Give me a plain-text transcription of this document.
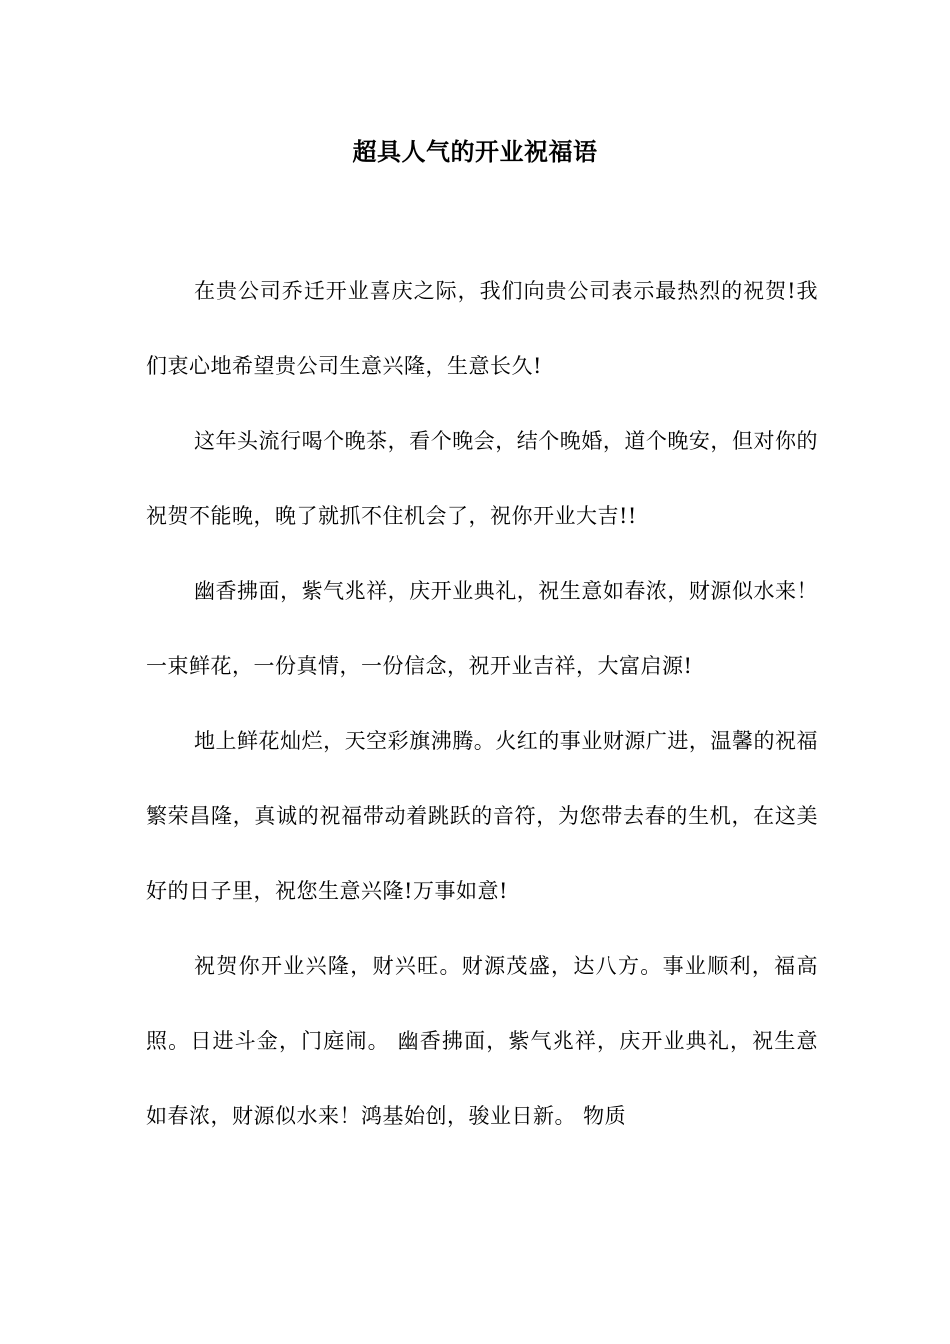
超具人气的开业祝福语

在贵公司乔迁开业喜庆之际，我们向贵公司表示最热烈的祝贺!我们衷心地希望贵公司生意兴隆，生意长久!

这年头流行喝个晚茶，看个晚会，结个晚婚，道个晚安，但对你的祝贺不能晚，晚了就抓不住机会了，祝你开业大吉!!

幽香拂面，紫气兆祥，庆开业典礼，祝生意如春浓，财源似水来！一束鲜花，一份真情，一份信念，祝开业吉祥，大富启源!

地上鲜花灿烂，天空彩旗沸腾。火红的事业财源广进，温馨的祝福繁荣昌隆，真诚的祝福带动着跳跃的音符，为您带去春的生机，在这美好的日子里，祝您生意兴隆!万事如意!

祝贺你开业兴隆，财兴旺。财源茂盛，达八方。事业顺利，福高照。日进斗金，门庭闹。 幽香拂面，紫气兆祥，庆开业典礼，祝生意如春浓，财源似水来！鸿基始创，骏业日新。 物质
